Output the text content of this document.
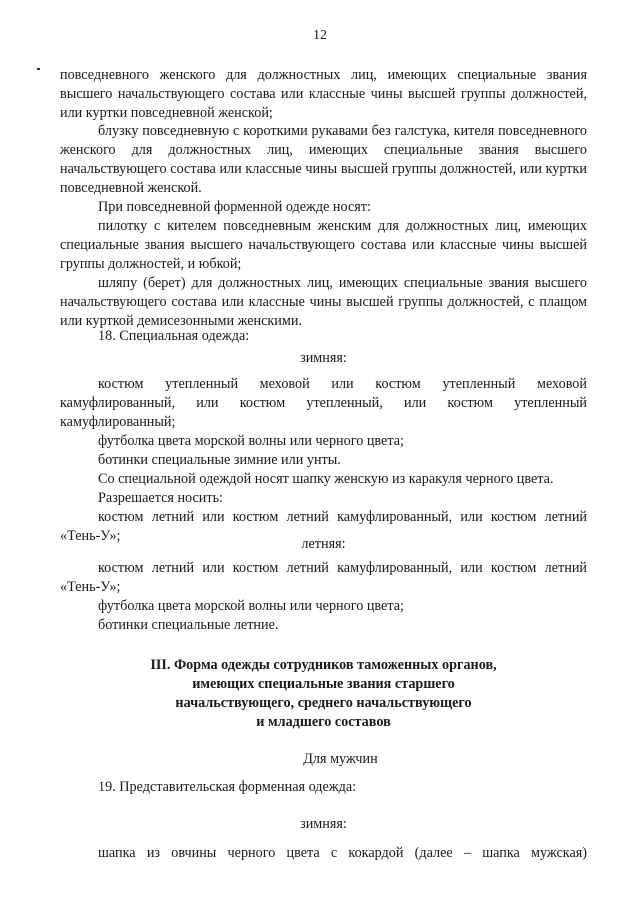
12

повседневного женского для должностных лиц, имеющих специальные звания высшего начальствующего состава или классные чины высшей группы должностей, или куртки повседневной женской;

блузку повседневную с короткими рукавами без галстука, кителя повседневного женского для должностных лиц, имеющих специальные звания высшего начальствующего состава или классные чины высшей группы должностей, или куртки повседневной женской.

При повседневной форменной одежде носят:

пилотку с кителем повседневным женским для должностных лиц, имеющих специальные звания высшего начальствующего состава или классные чины высшей группы должностей, и юбкой;

шляпу (берет) для должностных лиц, имеющих специальные звания высшего начальствующего состава или классные чины высшей группы должностей, с плащом или курткой демисезонными женскими.

18. Специальная одежда:

зимняя:

костюм утепленный меховой или костюм утепленный меховой камуфлированный, или костюм утепленный, или костюм утепленный камуфлированный;

футболка цвета морской волны или черного цвета;

ботинки специальные зимние или унты.

Со специальной одеждой носят шапку женскую из каракуля черного цвета.

Разрешается носить:

костюм летний или костюм летний камуфлированный, или костюм летний «Тень-У»;	летняя:

костюм летний или костюм летний камуфлированный, или костюм летний «Тень-У»;

футболка цвета морской волны или черного цвета;

ботинки специальные летние.

III. Форма одежды сотрудников таможенных органов,

имеющих специальные звания старшего

начальствующего, среднего начальствующего

и младшего составов

Для мужчин

19. Представительская форменная одежда:

зимняя:

шапка из овчины черного цвета с кокардой (далее – шапка мужская)
